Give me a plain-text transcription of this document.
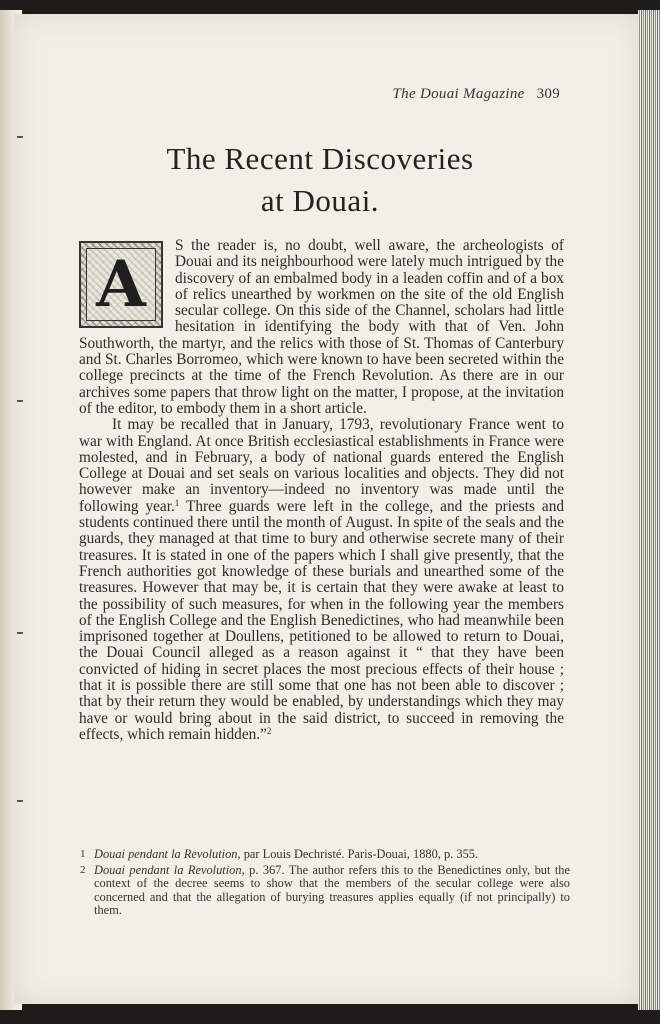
The Douai Magazine 309
The Recent Discoveries
at Douai.

A
S the reader is, no doubt, well aware, the archeologists of Douai and its neighbourhood were lately much intrigued by the discovery of an embalmed body in a leaden coffin and of a box of relics unearthed by workmen on the site of the old English secular college. On this side of the Channel, scholars had little hesitation in identifying the body with that of Ven. John Southworth, the martyr, and the relics with those of St. Thomas of Canterbury and St. Charles Borromeo, which were known to have been secreted within the college precincts at the time of the French Revolution. As there are in our archives some papers that throw light on the matter, I propose, at the invitation of the editor, to embody them in a short article.

It may be recalled that in January, 1793, revolutionary France went to war with England. At once British ecclesiastical establishments in France were molested, and in February, a body of national guards entered the English College at Douai and set seals on various localities and objects. They did not however make an inventory—indeed no inventory was made until the following year.$^1$ Three guards were left in the college, and the priests and students continued there until the month of August. In spite of the seals and the guards, they managed at that time to bury and otherwise secrete many of their treasures. It is stated in one of the papers which I shall give presently, that the French authorities got knowledge of these burials and unearthed some of the treasures. However that may be, it is certain that they were awake at least to the possibility of such measures, for when in the following year the members of the English College and the English Benedictines, who had meanwhile been imprisoned together at Doullens, petitioned to be allowed to return to Douai, the Douai Council alleged as a reason against it “ that they have been convicted of hiding in secret places the most precious effects of their house ; that it is possible there are still some that one has not been able to discover ; that by their return they would be enabled, by understandings which they may have or would bring about in the said district, to succeed in removing the effects, which remain hidden.”$^2$

1 Douai pendant la Revolution, par Louis Dechristé. Paris-Douai, 1880, p. 355.
2 Douai pendant la Revolution, p. 367. The author refers this to the Benedictines only, but the context of the decree seems to show that the members of the secular college were also concerned and that the allegation of burying treasures applies equally (if not principally) to them.
